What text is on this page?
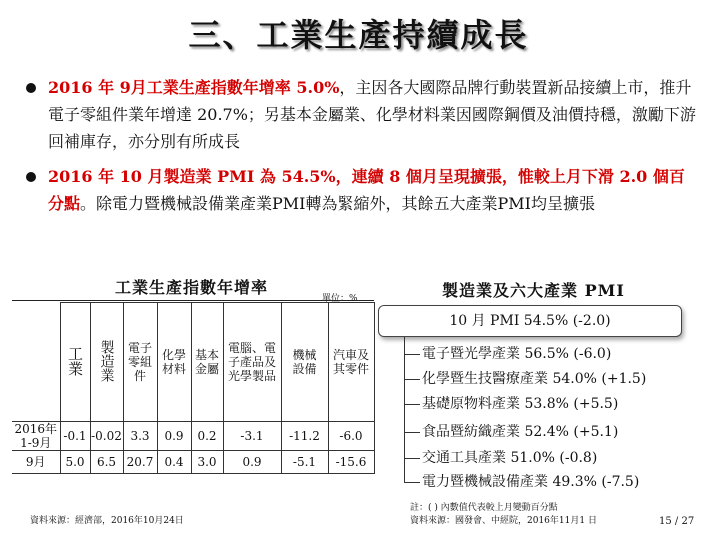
三、工業生產持續成長
2016 年 9月工業生產指數年增率 5.0%，主因各大國際品牌行動裝置新品接續上市，推升電子零組件業年增達 20.7%；另基本金屬業、化學材料業因國際鋼價及油價持穩，激勵下游回補庫存，亦分別有所成長
2016 年 10 月製造業 PMI 為 54.5%，連續 8 個月呈現擴張，惟較上月下滑 2.0 個百分點。除電力暨機械設備業產業PMI轉為緊縮外，其餘五大產業PMI均呈擴張
工業生產指數年增率
單位：%
	工業	製造業	電子零組件	化學材料	基本金屬	電腦、電子產品及光學製品	機械設備	汽車及其零件

2016年1-9月	-0.1	-0.02	3.3	0.9	0.2	-3.1	-11.2	-6.0
9月	5.0	6.5	20.7	0.4	3.0	0.9	-5.1	-15.6
製造業及六大產業 PMI
10 月 PMI 54.5% (-2.0)
電子暨光學產業 56.5% (-6.0)
化學暨生技醫療產業 54.0% (+1.5)
基礎原物料產業 53.8% (+5.5)
食品暨紡織產業 52.4% (+5.1)
交通工具產業 51.0% (-0.8)
電力暨機械設備產業 49.3% (-7.5)
註：( ) 內數值代表較上月變動百分點
資料來源：國發會、中經院，2016年11月1 日
資料來源：經濟部，2016年10月24日	15 / 27
